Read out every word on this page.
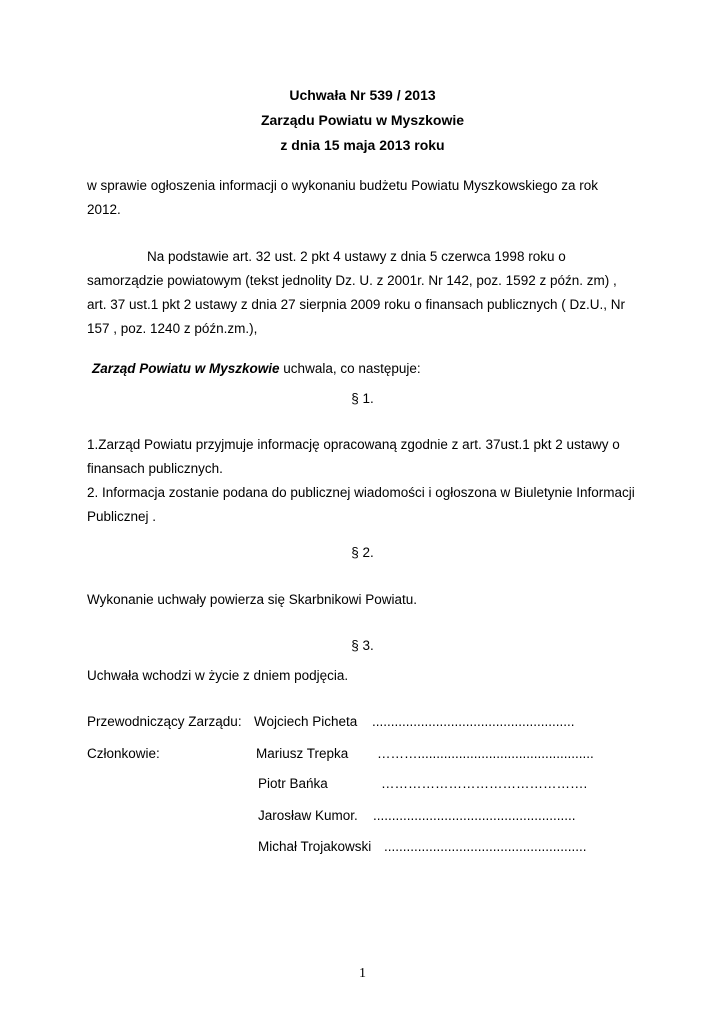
Uchwała Nr 539 / 2013
Zarządu Powiatu w Myszkowie
z dnia 15 maja 2013 roku
w sprawie ogłoszenia informacji o wykonaniu budżetu Powiatu Myszkowskiego za rok
2012.
Na podstawie art. 32 ust. 2 pkt 4 ustawy z dnia 5 czerwca 1998 roku o
samorządzie powiatowym (tekst jednolity Dz. U. z 2001r. Nr 142, poz. 1592 z późn. zm) ,
art. 37 ust.1 pkt 2 ustawy z dnia 27 sierpnia 2009 roku o finansach publicznych ( Dz.U., Nr
157 , poz. 1240 z późn.zm.),
Zarząd Powiatu w Myszkowie uchwala, co następuje:
§ 1.
1.Zarząd Powiatu przyjmuje informację opracowaną zgodnie z art. 37ust.1 pkt 2 ustawy o
finansach publicznych.
2. Informacja zostanie podana do publicznej wiadomości i ogłoszona w Biuletynie Informacji
Publicznej .
§ 2.
Wykonanie uchwały powierza się Skarbnikowi Powiatu.
§ 3.
Uchwała wchodzi w życie z dniem podjęcia.
Przewodniczący Zarządu: Wojciech Picheta ......................................................
Członkowie:	Mariusz Trepka ………...............................................
Piotr Bańka	……………………………………….
Jarosław Kumor. ......................................................
Michał Trojakowski ......................................................
1
